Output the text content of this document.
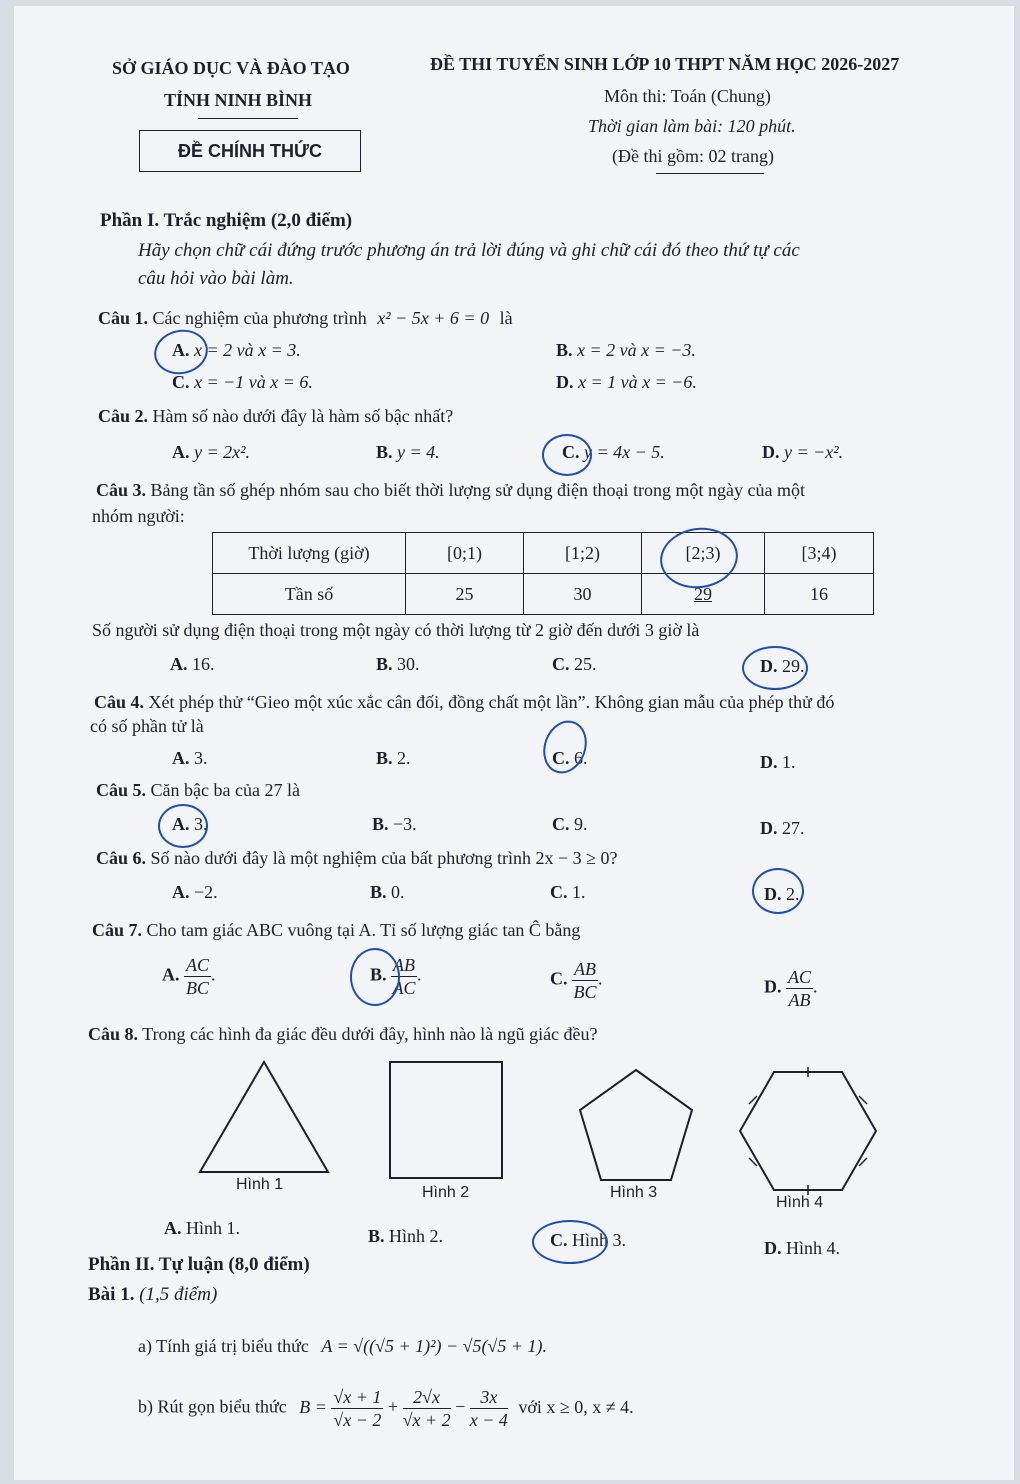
SỞ GIÁO DỤC VÀ ĐÀO TẠO
TỈNH NINH BÌNH
ĐỀ CHÍNH THỨC
ĐỀ THI TUYỂN SINH LỚP 10 THPT NĂM HỌC 2026-2027
Môn thi: Toán (Chung)
Thời gian làm bài: 120 phút.
(Đề thi gồm: 02 trang)
Phần I. Trắc nghiệm (2,0 điểm)
Hãy chọn chữ cái đứng trước phương án trả lời đúng và ghi chữ cái đó theo thứ tự các
câu hỏi vào bài làm.
Câu 1. Các nghiệm của phương trình x² − 5x + 6 = 0 là
A. x = 2 và x = 3.	B. x = 2 và x = −3.
C. x = −1 và x = 6.	D. x = 1 và x = −6.
Câu 2. Hàm số nào dưới đây là hàm số bậc nhất?
A. y = 2x².	B. y = 4.	C. y = 4x − 5.	D. y = −x².
Câu 3. Bảng tần số ghép nhóm sau cho biết thời lượng sử dụng điện thoại trong một ngày của một
nhóm người:
Thời lượng (giờ)	[0;1)	[1;2)	[2;3)	[3;4)
Tần số	25	30	29	16
Số người sử dụng điện thoại trong một ngày có thời lượng từ 2 giờ đến dưới 3 giờ là
A. 16.	B. 30.	C. 25.	D. 29.
Câu 4. Xét phép thử “Gieo một xúc xắc cân đối, đồng chất một lần”. Không gian mẫu của phép thử đó
có số phần tử là
A. 3.	B. 2.	C. 6.	D. 1.
Câu 5. Căn bậc ba của 27 là
A. 3.	B. −3.	C. 9.	D. 27.
Câu 6. Số nào dưới đây là một nghiệm của bất phương trình 2x − 3 ≥ 0?
A. −2.	B. 0.	C. 1.	D. 2.
Câu 7. Cho tam giác ABC vuông tại A. Tỉ số lượng giác tan Ĉ bằng
A. $\frac{AC}{BC}$ .	B. $\frac{AB}{AC}$ .	C. $\frac{AB}{BC}$ .	D. $\frac{AC}{AB}$ .
Câu 8. Trong các hình đa giác đều dưới đây, hình nào là ngũ giác đều?
Hình 1	Hình 2	Hình 3
Hình 4
A. Hình 1.	B. Hình 2.	C. Hình 3.	D. Hình 4.
Phần II. Tự luận (8,0 điểm)
Bài 1. (1,5 điểm)
a) Tính giá trị biểu thức A = √((√5 + 1)²) − √5(√5 + 1).
b) Rút gọn biểu thức $B = \frac{√x + 1}{√x - 2} + \frac{2√x}{√x + 2} - \frac{3x}{x - 4}$ với x ≥ 0, x ≠ 4.
